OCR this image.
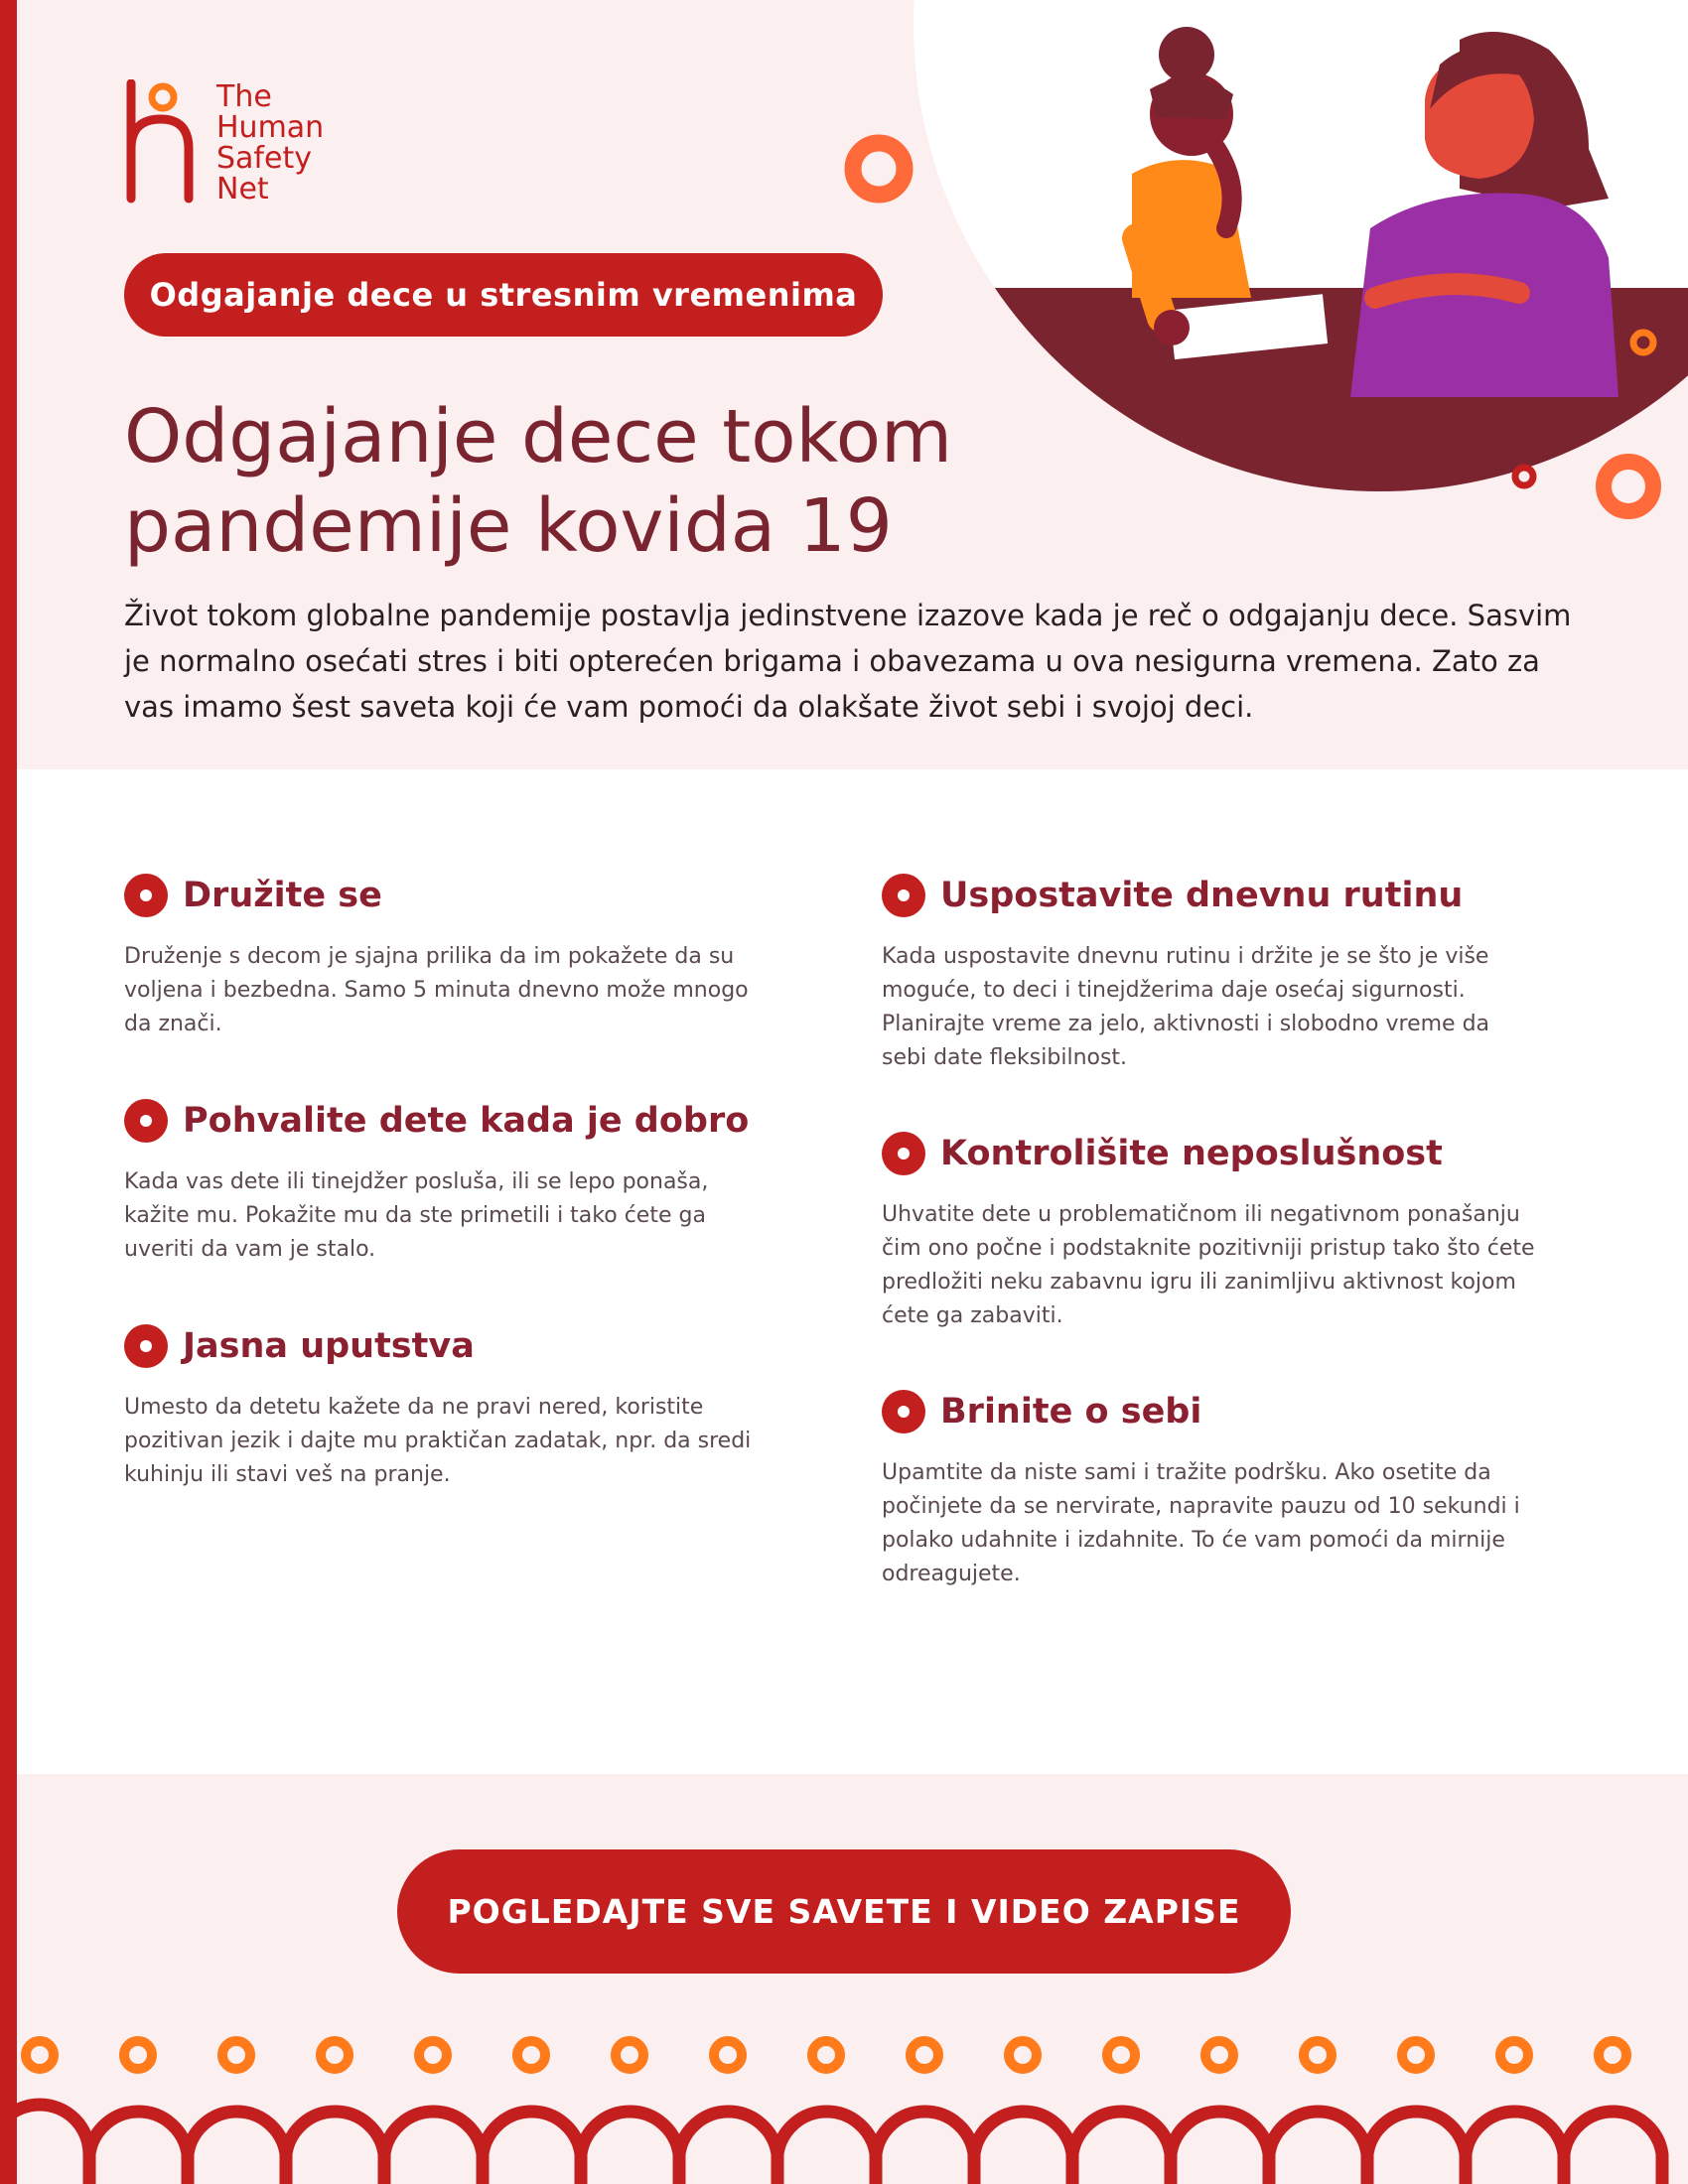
The
Human
Safety
Net
Odgajanje dece u stresnim vremenima
Odgajanje dece tokom
pandemije kovida 19

Život tokom globalne pandemije postavlja jedinstvene izazove kada je reč o odgajanju dece. Sasvim je normalno osećati stres i biti opterećen brigama i obavezama u ova nesigurna vremena. Zato za vas imamo šest saveta koji će vam pomoći da olakšate život sebi i svojoj deci.

Družite se

Druženje s decom je sjajna prilika da im pokažete da su voljena i bezbedna. Samo 5 minuta dnevno može mnogo da znači.

Pohvalite dete kada je dobro

Kada vas dete ili tinejdžer posluša, ili se lepo ponaša, kažite mu. Pokažite mu da ste primetili i tako ćete ga uveriti da vam je stalo.

Jasna uputstva

Umesto da detetu kažete da ne pravi nered, koristite pozitivan jezik i dajte mu praktičan zadatak, npr. da sredi kuhinju ili stavi veš na pranje.

Uspostavite dnevnu rutinu

Kada uspostavite dnevnu rutinu i držite je se što je više moguće, to deci i tinejdžerima daje osećaj sigurnosti. Planirajte vreme za jelo, aktivnosti i slobodno vreme da sebi date fleksibilnost.

Kontrolišite neposlušnost

Uhvatite dete u problematičnom ili negativnom ponašanju čim ono počne i podstaknite pozitivniji pristup tako što ćete predložiti neku zabavnu igru ili zanimljivu aktivnost kojom ćete ga zabaviti.

Brinite o sebi

Upamtite da niste sami i tražite podršku. Ako osetite da počinjete da se nervirate, napravite pauzu od 10 sekundi i polako udahnite i izdahnite. To će vam pomoći da mirnije odreagujete.

POGLEDAJTE SVE SAVETE I VIDEO ZAPISE
